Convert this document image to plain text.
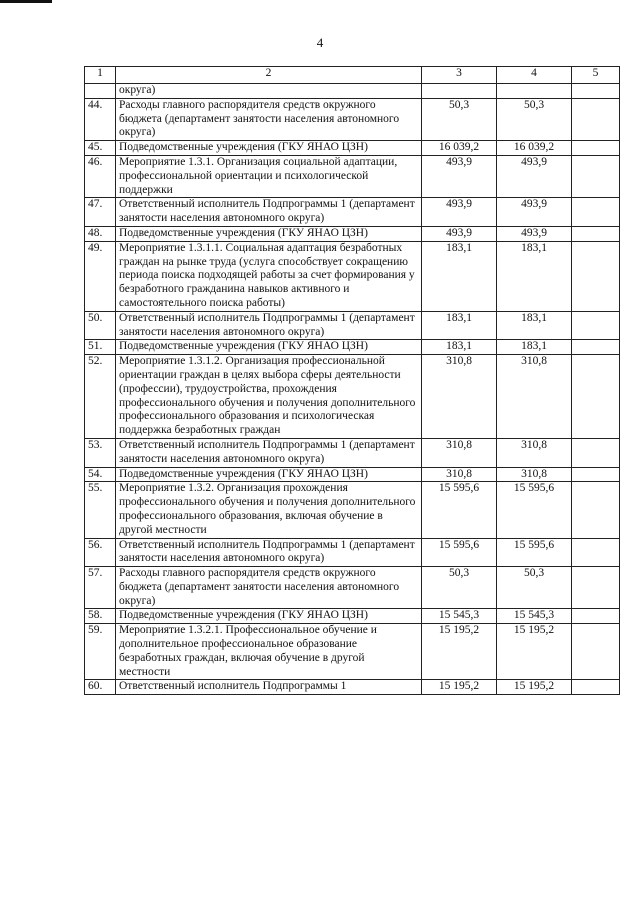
4
1	2	3	4	5
	округа)			
44.	Расходы главного распорядителя средств окружного бюджета (департамент занятости населения автономного округа)	50,3	50,3	
45.	Подведомственные учреждения (ГКУ ЯНАО ЦЗН)	16 039,2	16 039,2	
46.	Мероприятие 1.3.1. Организация социальной адаптации, профессиональной ориентации и психологической поддержки	493,9	493,9	
47.	Ответственный исполнитель Подпрограммы 1 (департамент занятости населения автономного округа)	493,9	493,9	
48.	Подведомственные учреждения (ГКУ ЯНАО ЦЗН)	493,9	493,9	
49.	Мероприятие 1.3.1.1. Социальная адаптация безработных граждан на рынке труда (услуга способствует сокращению периода поиска подходящей работы за счет формирования у безработного гражданина навыков активного и самостоятельного поиска работы)	183,1	183,1	
50.	Ответственный исполнитель Подпрограммы 1 (департамент занятости населения автономного округа)	183,1	183,1	
51.	Подведомственные учреждения (ГКУ ЯНАО ЦЗН)	183,1	183,1	
52.	Мероприятие 1.3.1.2. Организация профессиональной ориентации граждан в целях выбора сферы деятельности (профессии), трудоустройства, прохождения профессионального обучения и получения дополнительного профессионального образования и психологическая поддержка безработных граждан	310,8	310,8	
53.	Ответственный исполнитель Подпрограммы 1 (департамент занятости населения автономного округа)	310,8	310,8	
54.	Подведомственные учреждения (ГКУ ЯНАО ЦЗН)	310,8	310,8	
55.	Мероприятие 1.3.2. Организация прохождения профессионального обучения и получения дополнительного профессионального образования, включая обучение в другой местности	15 595,6	15 595,6	
56.	Ответственный исполнитель Подпрограммы 1 (департамент занятости населения автономного округа)	15 595,6	15 595,6	
57.	Расходы главного распорядителя средств окружного бюджета (департамент занятости населения автономного округа)	50,3	50,3	
58.	Подведомственные учреждения (ГКУ ЯНАО ЦЗН)	15 545,3	15 545,3	
59.	Мероприятие 1.3.2.1. Профессиональное обучение и дополнительное профессиональное образование безработных граждан, включая обучение в другой местности	15 195,2	15 195,2	
60.	Ответственный исполнитель Подпрограммы 1	15 195,2	15 195,2	
